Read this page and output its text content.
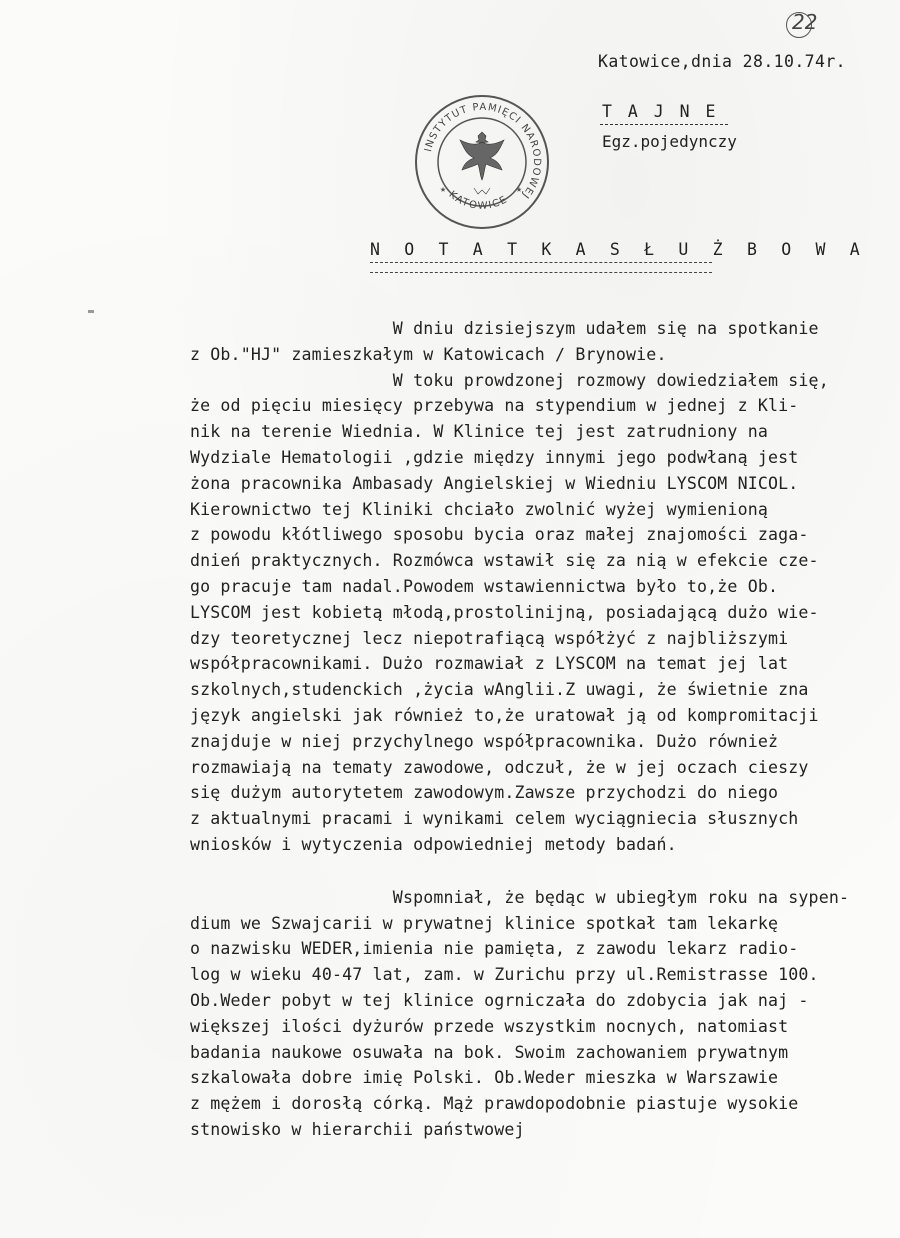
22
Katowice,dnia 28.10.74r.
T A J N E
Egz.pojedynczy
INSTYTUT PAMIĘCI NARODOWEJ
KATOWICE
★	★
N O T A T K A S Ł U Ż B O W A
W dniu dzisiejszym udałem się na spotkanie
z Ob."HJ" zamieszkałym w Katowicach ∕ Brynowie.
W toku prowdzonej rozmowy dowiedziałem się,
że od pięciu miesięcy przebywa na stypendium w jednej z Kli-
nik na terenie Wiednia. W Klinice tej jest zatrudniony na
Wydziale Hematologii ,gdzie między innymi jego podwłaną jest
żona pracownika Ambasady Angielskiej w Wiedniu LYSCOM NICOL.
Kierownictwo tej Kliniki chciało zwolnić wyżej wymienioną
z powodu kłótliwego sposobu bycia oraz małej znajomości zaga-
dnień praktycznych. Rozmówca wstawił się za nią w efekcie cze-
go pracuje tam nadal.Powodem wstawiennictwa było to,że Ob.
LYSCOM jest kobietą młodą,prostolinijną, posiadającą dużo wie-
dzy teoretycznej lecz niepotrafiącą współżyć z najbliższymi
współpracownikami. Dużo rozmawiał z LYSCOM na temat jej lat
szkolnych,studenckich ,życia wAnglii.Z uwagi, że świetnie zna
język angielski jak również to,że uratował ją od kompromitacji
znajduje w niej przychylnego współpracownika. Dużo również
rozmawiają na tematy zawodowe, odczuł, że w jej oczach cieszy
się dużym autorytetem zawodowym.Zawsze przychodzi do niego
z aktualnymi pracami i wynikami celem wyciągniecia słusznych
wniosków i wytyczenia odpowiedniej metody badań.
Wspomniał, że będąc w ubiegłym roku na sypen-
dium we Szwajcarii w prywatnej klinice spotkał tam lekarkę
o nazwisku WEDER,imienia nie pamięta, z zawodu lekarz radio-
log w wieku 40-47 lat, zam. w Zurichu przy ul.Remistrasse 100.
Ob.Weder pobyt w tej klinice ogrniczała do zdobycia jak naj -
większej ilości dyżurów przede wszystkim nocnych, natomiast
badania naukowe osuwała na bok. Swoim zachowaniem prywatnym
szkalowała dobre imię Polski. Ob.Weder mieszka w Warszawie
z mężem i dorosłą córką. Mąż prawdopodobnie piastuje wysokie
stnowisko w hierarchii państwowej
